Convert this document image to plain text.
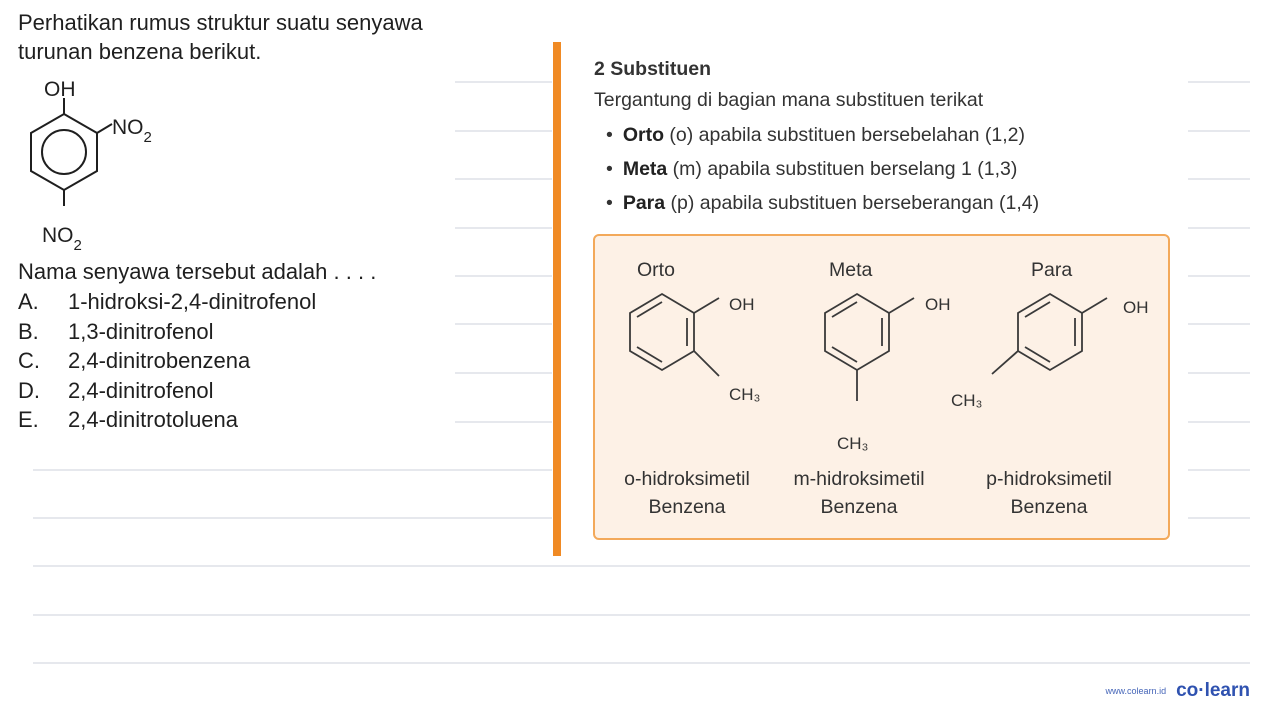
Perhatikan rumus struktur suatu senyawa turunan benzena berikut.
OH
$NO_2$
$NO_2$
Nama senyawa tersebut adalah . . . .
A. 1-hidroksi-2,4-dinitrofenol
B. 1,3-dinitrofenol
C. 2,4-dinitrobenzena
D. 2,4-dinitrofenol
E. 2,4-dinitrotoluena
2 Substituen
Tergantung di bagian mana substituen terikat
• Orto (o) apabila substituen bersebelahan (1,2)
• Meta (m) apabila substituen berselang 1 (1,3)
• Para (p) apabila substituen berseberangan (1,4)
Orto	Meta	Para
OH
CH₃
OH
CH₃
OH
CH₃
o-hidroksimetil
Benzena
m-hidroksimetil
Benzena
p-hidroksimetil
Benzena
www.colearn.id co·learn
